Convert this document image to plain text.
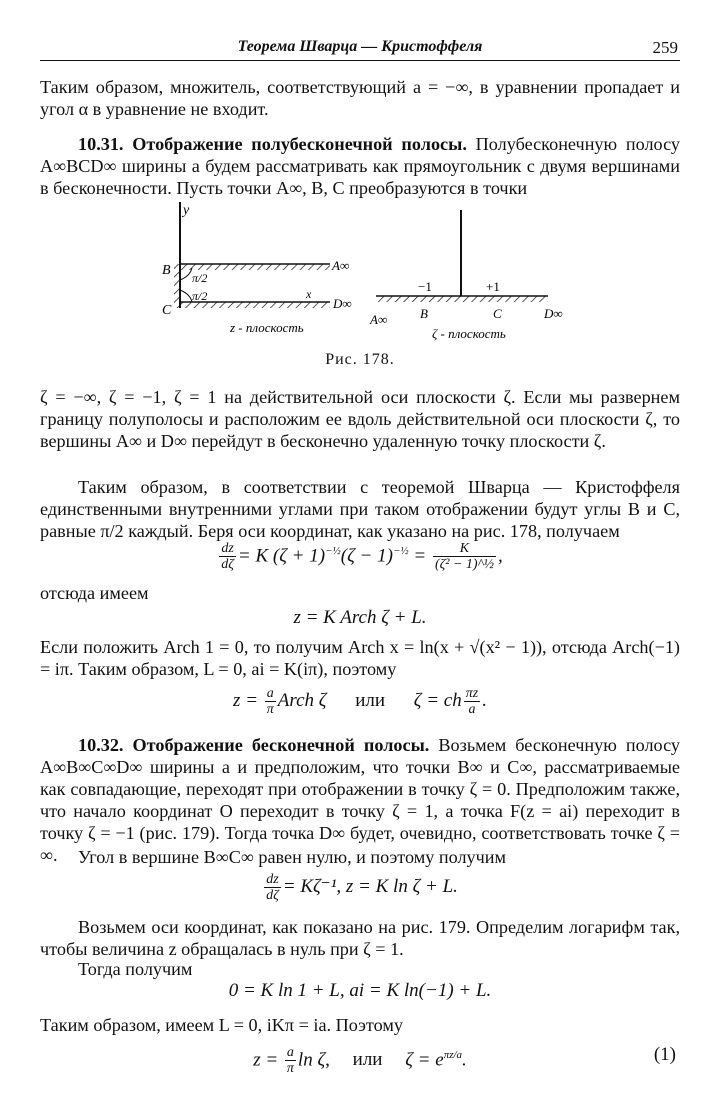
Теорема Шварца — Кристоффеля	259
Таким образом, множитель, соответствующий a = −∞, в уравнении пропадает и угол α в уравнение не входит.
10.31. Отображение полубесконечной полосы. Полубесконечную полосу A∞BCD∞ ширины a будем рассматривать как прямоугольник с двумя вершинами в бесконечности. Пусть точки A∞, B, C преобразуются в точки
y
B
C
π/2
π/2
A∞
x
D∞
z - плоскость
−1	+1
A∞	B	C	D∞
ζ - плоскость
Рис. 178.
ζ = −∞, ζ = −1, ζ = 1 на действительной оси плоскости ζ. Если мы развернем границу полуполосы и расположим ее вдоль действительной оси плоскости ζ, то вершины A∞ и D∞ перейдут в бесконечно удаленную точку плоскости ζ.
Таким образом, в соответствии с теоремой Шварца — Кристоффеля единственными внутренними углами при таком отображении будут углы B и C, равные π/2 каждый. Беря оси координат, как указано на рис. 178, получаем
$\frac{dz}{d\zeta} = K$ $(\zeta + 1)^{-\frac{1}{2}}(\zeta - 1)^{-\frac{1}{2}} = \frac{K}{\text{(ζ² − 1)\textasciicircum{}½}}$ ,
отсюда имеем
z = K Arch ζ + L.
Если положить Arch 1 = 0, то получим Arch x = ln(x + √(x² − 1)), отсюда Arch(−1) = iπ. Таким образом, L = 0, ai = K(iπ), поэтому
$z = \frac{a}{\pi}$ Arch ζ или ζ = ch $\frac{\pi z}{a}$ .
10.32. Отображение бесконечной полосы. Возьмем бесконечную полосу A∞B∞C∞D∞ ширины a и предположим, что точки B∞ и C∞, рассматриваемые как совпадающие, переходят при отображении в точку ζ = 0. Предположим также, что начало координат O переходит в точку ζ = 1, а точка F(z = ai) переходит в точку ζ = −1 (рис. 179). Тогда точка D∞ будет, очевидно, соответствовать точке ζ = ∞.	Угол в вершине B∞C∞ равен нулю, и поэтому получим
$\frac{dz}{d\zeta} = K\zeta^{-1}$, z = K ln ζ + L.
Возьмем оси координат, как показано на рис. 179. Определим логарифм так, чтобы величина z обращалась в нуль при ζ = 1.
Тогда получим
0 = K ln 1 + L, ai = K ln(−1) + L.
Таким образом, имеем L = 0, iKπ = ia. Поэтому
$z = \frac{a}{\pi}$ ln ζ, или $\zeta = e^{\pi z/a}$.	(1)
